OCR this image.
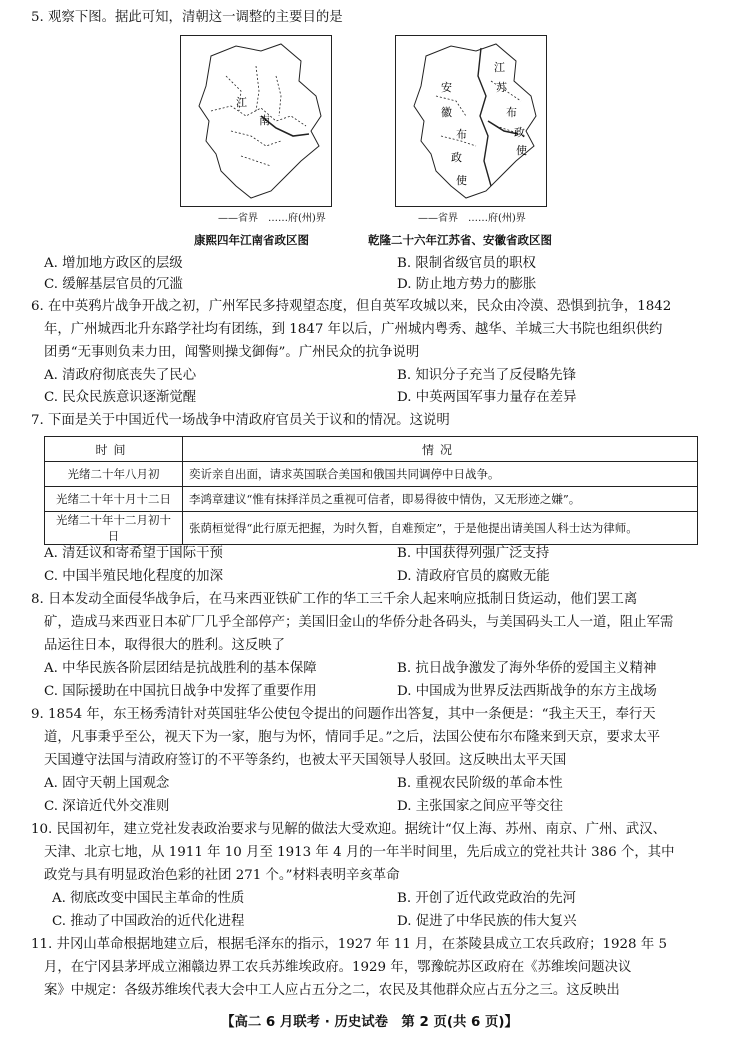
5. 观察下图。据此可知，清朝这一调整的主要目的是
江
南
——省界　 ……府(州)界
康熙四年江南省政区图
安
徽
布
政
使
江
苏
布
政
使
——省界　 ……府(州)界
乾隆二十六年江苏省、安徽省政区图
A. 增加地方政区的层级	B. 限制省级官员的职权
C. 缓解基层官员的冗滥	D. 防止地方势力的膨胀
6. 在中英鸦片战争开战之初，广州军民多持观望态度，但自英军攻城以来，民众由冷漠、恐惧到抗争，1842
年，广州城西北升东路学社均有团练，到 1847 年以后，广州城内粤秀、越华、羊城三大书院也组织供约
团勇“无事则负耒力田，闻警则操戈御侮”。广州民众的抗争说明
A. 清政府彻底丧失了民心	B. 知识分子充当了反侵略先锋
C. 民众民族意识逐渐觉醒	D. 中英两国军事力量存在差异
7. 下面是关于中国近代一场战争中清政府官员关于议和的情况。这说明
时间	情况
光绪二十年八月初	奕䜣亲自出面，请求英国联合美国和俄国共同调停中日战争。
光绪二十年十月十二日	李鸿章建议“惟有抹择洋员之重视可信者，即易得彼中情伪，又无形迹之嫌”。
光绪二十年十二月初十日	张荫桓觉得“此行原无把握，为时久暂，自难预定”，于是他提出请美国人科士达为律师。
A. 清廷议和寄希望于国际干预	B. 中国获得列强广泛支持
C. 中国半殖民地化程度的加深	D. 清政府官员的腐败无能
8. 日本发动全面侵华战争后，在马来西亚铁矿工作的华工三千余人起来响应抵制日货运动，他们罢工离
矿，造成马来西亚日本矿厂几乎全部停产；美国旧金山的华侨分赴各码头，与美国码头工人一道，阻止军需
品运往日本，取得很大的胜利。这反映了
A. 中华民族各阶层团结是抗战胜利的基本保障	B. 抗日战争激发了海外华侨的爱国主义精神
C. 国际援助在中国抗日战争中发挥了重要作用	D. 中国成为世界反法西斯战争的东方主战场
9. 1854 年，东王杨秀清针对英国驻华公使包令提出的问题作出答复，其中一条便是：“我主天王，奉行天
道，凡事秉乎至公，视天下为一家，胞与为怀，情同手足。”之后，法国公使布尔布隆来到天京，要求太平
天国遵守法国与清政府签订的不平等条约，也被太平天国领导人驳回。这反映出太平天国
A. 固守天朝上国观念	B. 重视农民阶级的革命本性
C. 深谙近代外交准则	D. 主张国家之间应平等交往
10. 民国初年，建立党社发表政治要求与见解的做法大受欢迎。据统计“仅上海、苏州、南京、广州、武汉、
天津、北京七地，从 1911 年 10 月至 1913 年 4 月的一年半时间里，先后成立的党社共计 386 个，其中
政党与具有明显政治色彩的社团 271 个。”材料表明辛亥革命
A. 彻底改变中国民主革命的性质	B. 开创了近代政党政治的先河
C. 推动了中国政治的近代化进程	D. 促进了中华民族的伟大复兴
11. 井冈山革命根据地建立后，根据毛泽东的指示，1927 年 11 月，在茶陵县成立工农兵政府；1928 年 5
月，在宁冈县茅坪成立湘赣边界工农兵苏维埃政府。1929 年，鄂豫皖苏区政府在《苏维埃问题决议
案》中规定：各级苏维埃代表大会中工人应占五分之二，农民及其他群众应占五分之三。这反映出
【高二 6 月联考 · 历史试卷　第 2 页(共 6 页)】
